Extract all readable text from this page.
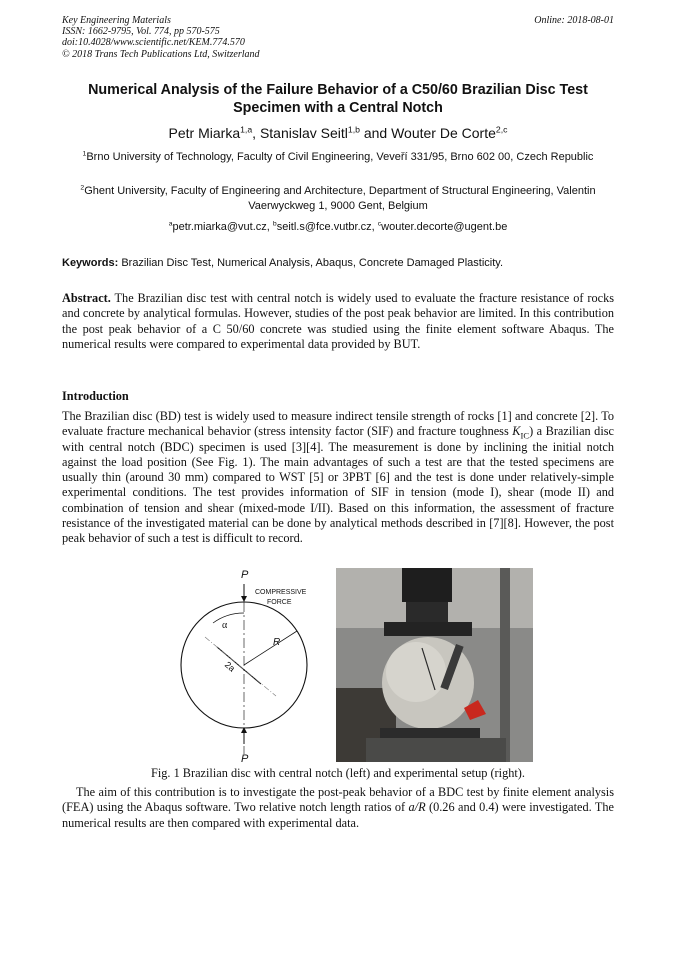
Key Engineering Materials
ISSN: 1662-9795, Vol. 774, pp 570-575
doi:10.4028/www.scientific.net/KEM.774.570
© 2018 Trans Tech Publications Ltd, Switzerland
Online: 2018-08-01
Numerical Analysis of the Failure Behavior of a C50/60 Brazilian Disc Test Specimen with a Central Notch
Petr Miarka$^{1,a}$, Stanislav Seitl$^{1,b}$ and Wouter De Corte$^{2,c}$
$^1$Brno University of Technology, Faculty of Civil Engineering, Veveří 331/95, Brno 602 00, Czech Republic
$^2$Ghent University, Faculty of Engineering and Architecture, Department of Structural Engineering, Valentin Vaerwyckweg 1, 9000 Gent, Belgium
$^a$petr.miarka@vut.cz, $^b$seitl.s@fce.vutbr.cz, $^c$wouter.decorte@ugent.be
Keywords: Brazilian Disc Test, Numerical Analysis, Abaqus, Concrete Damaged Plasticity.

Abstract. The Brazilian disc test with central notch is widely used to evaluate the fracture resistance of rocks and concrete by analytical formulas. However, studies of the post peak behavior are limited. In this contribution the post peak behavior of a C 50/60 concrete was studied using the finite element software Abaqus. The numerical results were compared to experimental data provided by BUT.

Introduction

The Brazilian disc (BD) test is widely used to measure indirect tensile strength of rocks [1] and concrete [2]. To evaluate fracture mechanical behavior (stress intensity factor (SIF) and fracture toughness $K_{IC}$) a Brazilian disc with central notch (BDC) specimen is used [3][4]. The measurement is done by inclining the initial notch against the load position (See Fig. 1). The main advantages of such a test are that the tested specimens are usually thin (around 30 mm) compared to WST [5] or 3PBT [6] and the test is done under relatively-simple experimental conditions. The test provides information of SIF in tension (mode I), shear (mode II) and combination of tension and shear (mixed-mode I/II). Based on this information, the assessment of fracture resistance of the investigated material can be done by analytical methods described in [7][8]. However, the post peak behavior of such a test is difficult to record.

P
COMPRESSIVE
FORCE
α
R
2a
P
Fig. 1 Brazilian disc with central notch (left) and experimental setup (right).

The aim of this contribution is to investigate the post-peak behavior of a BDC test by finite element analysis (FEA) using the Abaqus software. Two relative notch length ratios of a/R (0.26 and 0.4) were investigated. The numerical results are then compared with experimental data.
